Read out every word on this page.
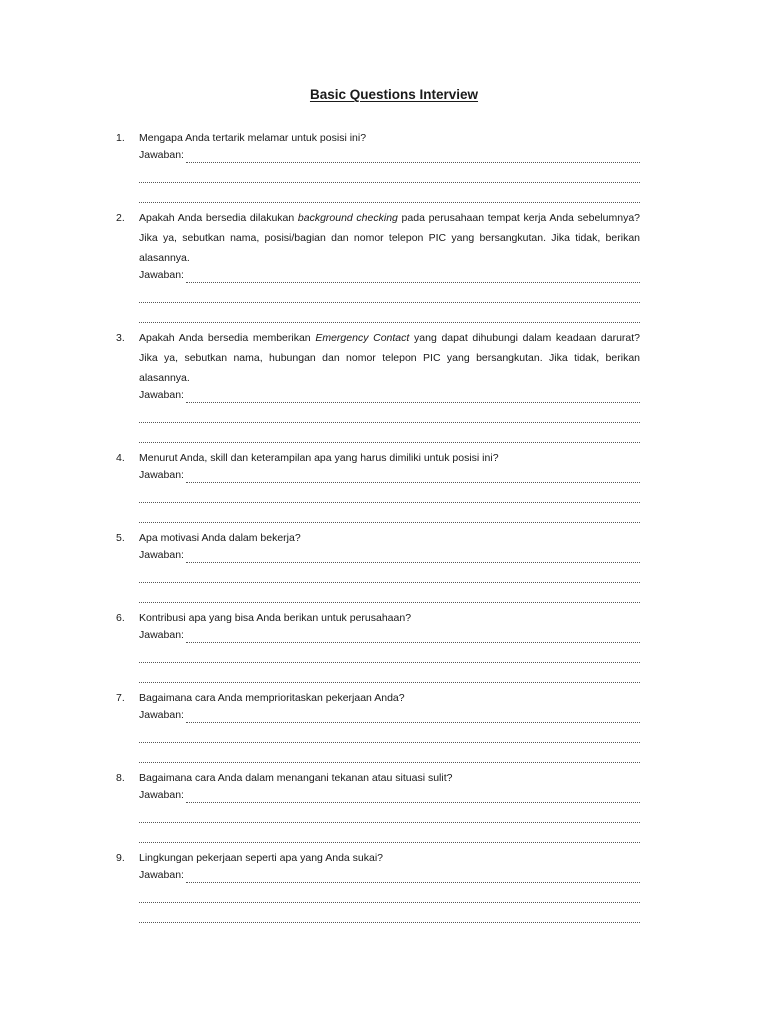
Basic Questions Interview
1. Mengapa Anda tertarik melamar untuk posisi ini?
Jawaban:
2. Apakah Anda bersedia dilakukan background checking pada perusahaan tempat kerja Anda sebelumnya? Jika ya, sebutkan nama, posisi/bagian dan nomor telepon PIC yang bersangkutan. Jika tidak, berikan alasannya.
Jawaban:
3. Apakah Anda bersedia memberikan Emergency Contact yang dapat dihubungi dalam keadaan darurat? Jika ya, sebutkan nama, hubungan dan nomor telepon PIC yang bersangkutan. Jika tidak, berikan alasannya.
Jawaban:
4. Menurut Anda, skill dan keterampilan apa yang harus dimiliki untuk posisi ini?
Jawaban:
5. Apa motivasi Anda dalam bekerja?
Jawaban:
6. Kontribusi apa yang bisa Anda berikan untuk perusahaan?
Jawaban:
7. Bagaimana cara Anda memprioritaskan pekerjaan Anda?
Jawaban:
8. Bagaimana cara Anda dalam menangani tekanan atau situasi sulit?
Jawaban:
9. Lingkungan pekerjaan seperti apa yang Anda sukai?
Jawaban:
